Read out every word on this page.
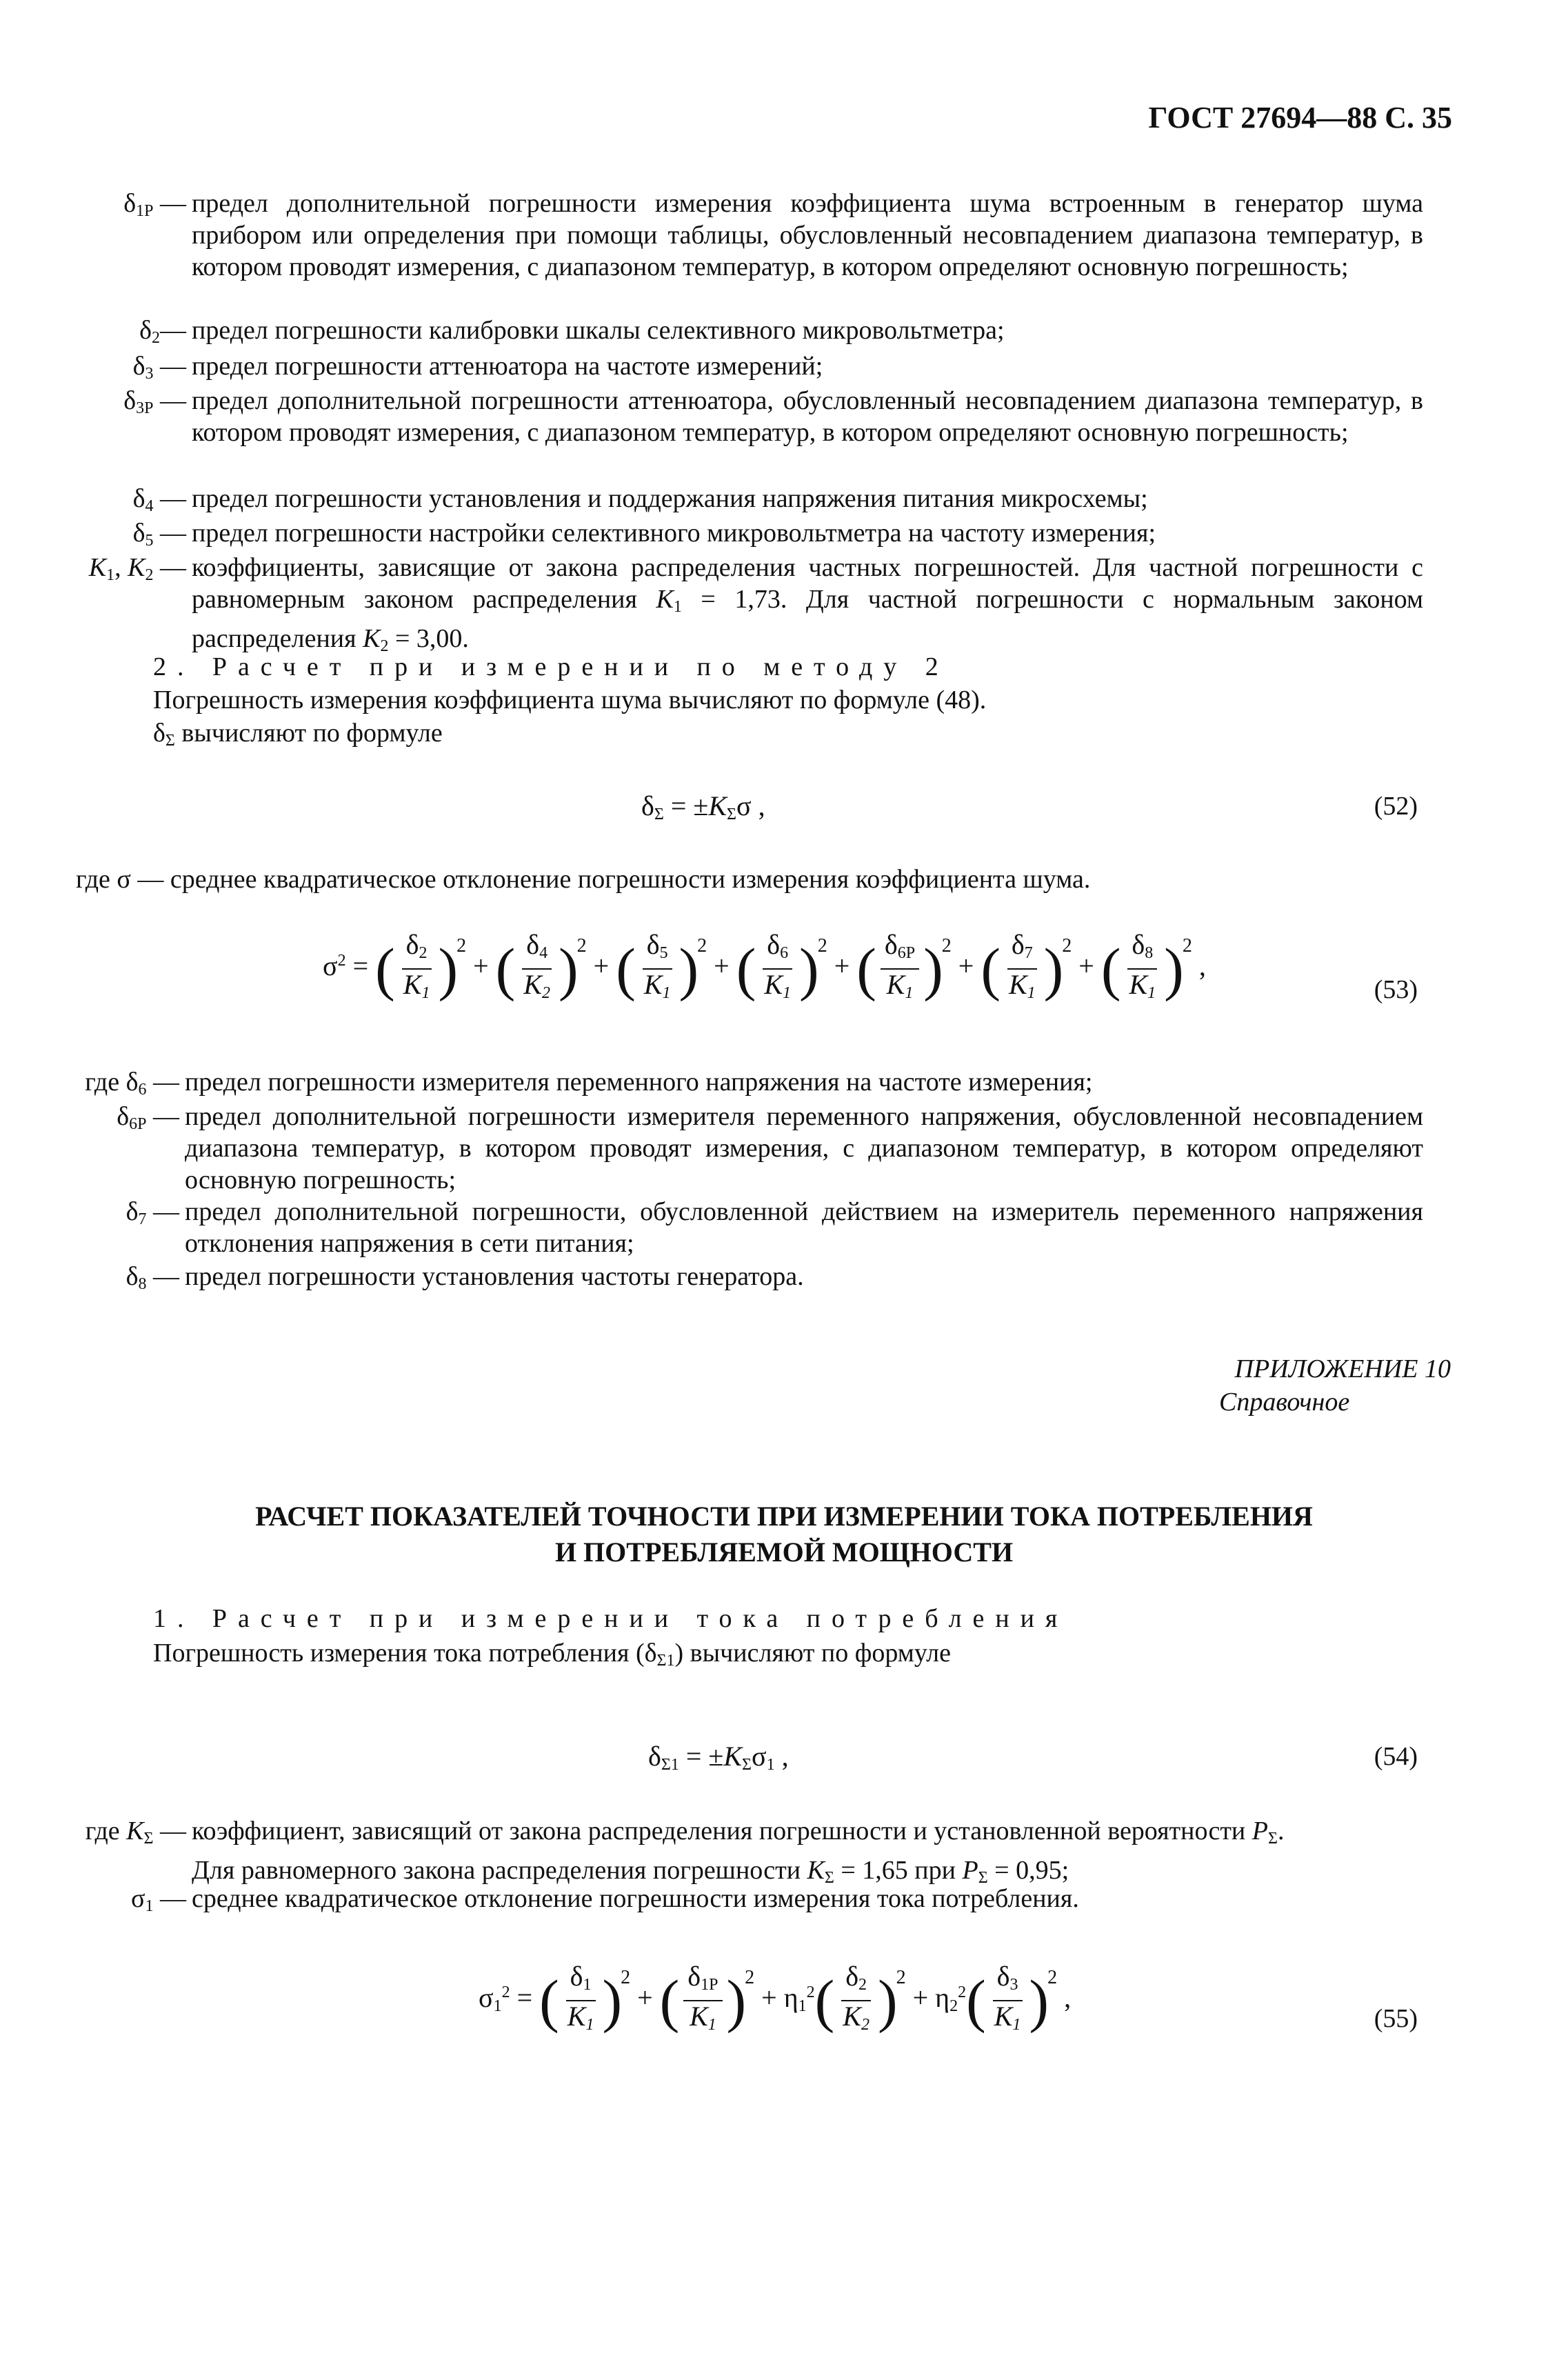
ГОСТ 27694—88 С. 35
$\delta_{1P}$ — предел дополнительной погрешности измерения коэффициента шума встроенным в генератор шума прибором или определения при помощи таблицы, обусловленный несовпадением диапазона температур, в котором проводят измерения, с диапазоном температур, в котором определяют основную погрешность;
$\delta_2—$ предел погрешности калибровки шкалы селективного микровольтметра;
$\delta_3$ — предел погрешности аттенюатора на частоте измерений;
$\delta_{3P}$ — предел дополнительной погрешности аттенюатора, обусловленный несовпадением диапазона температур, в котором проводят измерения, с диапазоном температур, в котором определяют основную погрешность;
$\delta_4$ — предел погрешности установления и поддержания напряжения питания микросхемы;
$\delta_5$ — предел погрешности настройки селективного микровольтметра на частоту измерения;
$K_1$, $K_2$ — коэффициенты, зависящие от закона распределения частных погрешностей. Для частной погрешности с равномерным законом распределения $K_1 = 1,73$. Для частной погрешности с нормальным законом распределения $K_2 = 3,00$.
2. Расчет при измерении по методу 2
Погрешность измерения коэффициента шума вычисляют по формуле (48).
$\delta_\Sigma$ вычисляют по формуле
$\delta_\Sigma = \pm K_\Sigma\sigma$ ,	(52)
где σ — среднее квадратическое отклонение погрешности измерения коэффициента шума.
$\sigma^2$ = ( $\frac{\delta_2}{K_1} )^2$ + ( $\frac{\delta_4}{K_2} )^2$ + ( $\frac{\delta_5}{K_1} )^2$ + ( $\frac{\delta_6}{K_1} )^2$ + ( $\frac{\delta_{6P}}{K_1} )^2$ + ( $\frac{\delta_7}{K_1} )^2$ + ( $\frac{\delta_8}{K_1} )^2$ ,
(53)
где $\delta_6$ — предел погрешности измерителя переменного напряжения на частоте измерения;
$\delta_{6P}$ — предел дополнительной погрешности измерителя переменного напряжения, обусловленной несовпадением диапазона температур, в котором проводят измерения, с диапазоном температур, в котором определяют основную погрешность;
$\delta_7$ — предел дополнительной погрешности, обусловленной действием на измеритель переменного напряжения отклонения напряжения в сети питания;
$\delta_8$ — предел погрешности установления частоты генератора.
ПРИЛОЖЕНИЕ 10
Справочное
РАСЧЕТ ПОКАЗАТЕЛЕЙ ТОЧНОСТИ ПРИ ИЗМЕРЕНИИ ТОКА ПОТРЕБЛЕНИЯ
И ПОТРЕБЛЯЕМОЙ МОЩНОСТИ
1. Расчет при измерении тока потребления
Погрешность измерения тока потребления $(\delta_{\Sigma 1})$ вычисляют по формуле
$\delta_{\Sigma 1} = \pm K_\Sigma\sigma_1$ ,	(54)
где $K_\Sigma$ — коэффициент, зависящий от закона распределения погрешности и установленной вероятности $P_\Sigma$.
Для равномерного закона распределения погрешности $K_\Sigma = 1,65$ при $P_\Sigma = 0,95$;
$\sigma_1$ — среднее квадратическое отклонение погрешности измерения тока потребления.
$\sigma_1^2$ = ( $\frac{\delta_1}{K_1} )^2$ + ( $\frac{\delta_{1P}}{K_1} )^2 + \eta_1^2( \frac{\delta_2}{K_2} )^2 + \eta_2^2( \frac{\delta_3}{K_1} )^2$ ,
(55)
